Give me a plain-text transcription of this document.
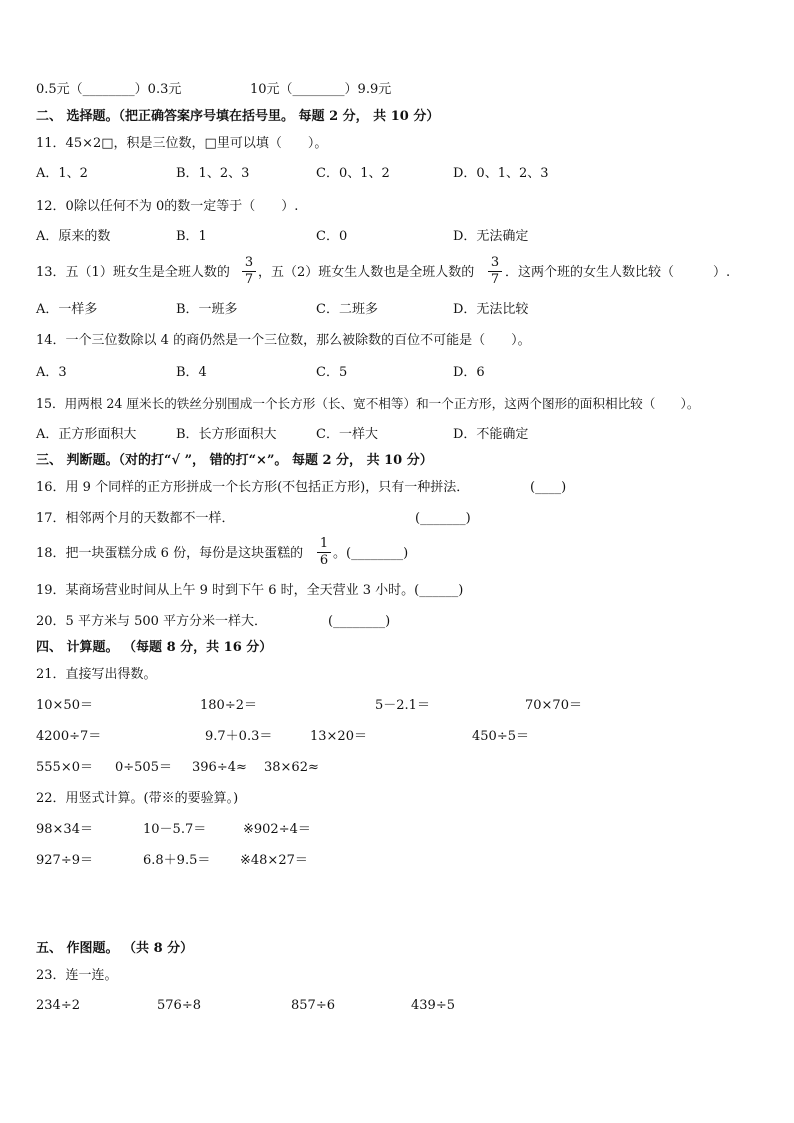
0.5元（________）0.3元	10元（________）9.9元
二、 选择题。（把正确答案序号填在括号里。 每题 2 分， 共 10 分）
11．45×2□，积是三位数，□里可以填（　　）。
A．1、2	B．1、2、3	C．0、1、2	D．0、1、2、3
12．0除以任何不为 0的数一定等于（　　）.
A．原来的数	B．1	C．0	D．无法确定
13．五（1）班女生是全班人数的
3
7 ，五（2）班女生人数也是全班人数的
3
7 ．这两个班的女生人数比较（　　　）.
A．一样多	B．一班多	C．二班多	D．无法比较
14．一个三位数除以 4 的商仍然是一个三位数，那么被除数的百位不可能是（　　）。
A．3	B．4	C．5	D．6
15．用两根 24 厘米长的铁丝分别围成一个长方形（长、宽不相等）和一个正方形，这两个图形的面积相比较（　　）。
A．正方形面积大	B．长方形面积大	C．一样大	D．不能确定
三、 判断题。（对的打“√ ”， 错的打“×”。 每题 2 分， 共 10 分）
16．用 9 个同样的正方形拼成一个长方形(不包括正方形)，只有一种拼法．	(____)
17．相邻两个月的天数都不一样．	(_______)
18．把一块蛋糕分成 6 份，每份是这块蛋糕的
1
6 。(________)
19．某商场营业时间从上午 9 时到下午 6 时，全天营业 3 小时。(______)
20．5 平方米与 500 平方分米一样大．	(________)
四、 计算题。 （每题 8 分，共 16 分）
21．直接写出得数。
10×50＝	180÷2＝	5－2.1＝	70×70＝
4200÷7＝	9.7＋0.3＝	13×20＝	450÷5＝
555×0＝ 0÷505＝ 396÷4≈ 38×62≈
22．用竖式计算。(带※的要验算。)
98×34＝	10－5.7＝	※902÷4＝
927÷9＝	6.8＋9.5＝ ※48×27＝
五、 作图题。 （共 8 分）
23．连一连。
234÷2	576÷8	857÷6	439÷5
